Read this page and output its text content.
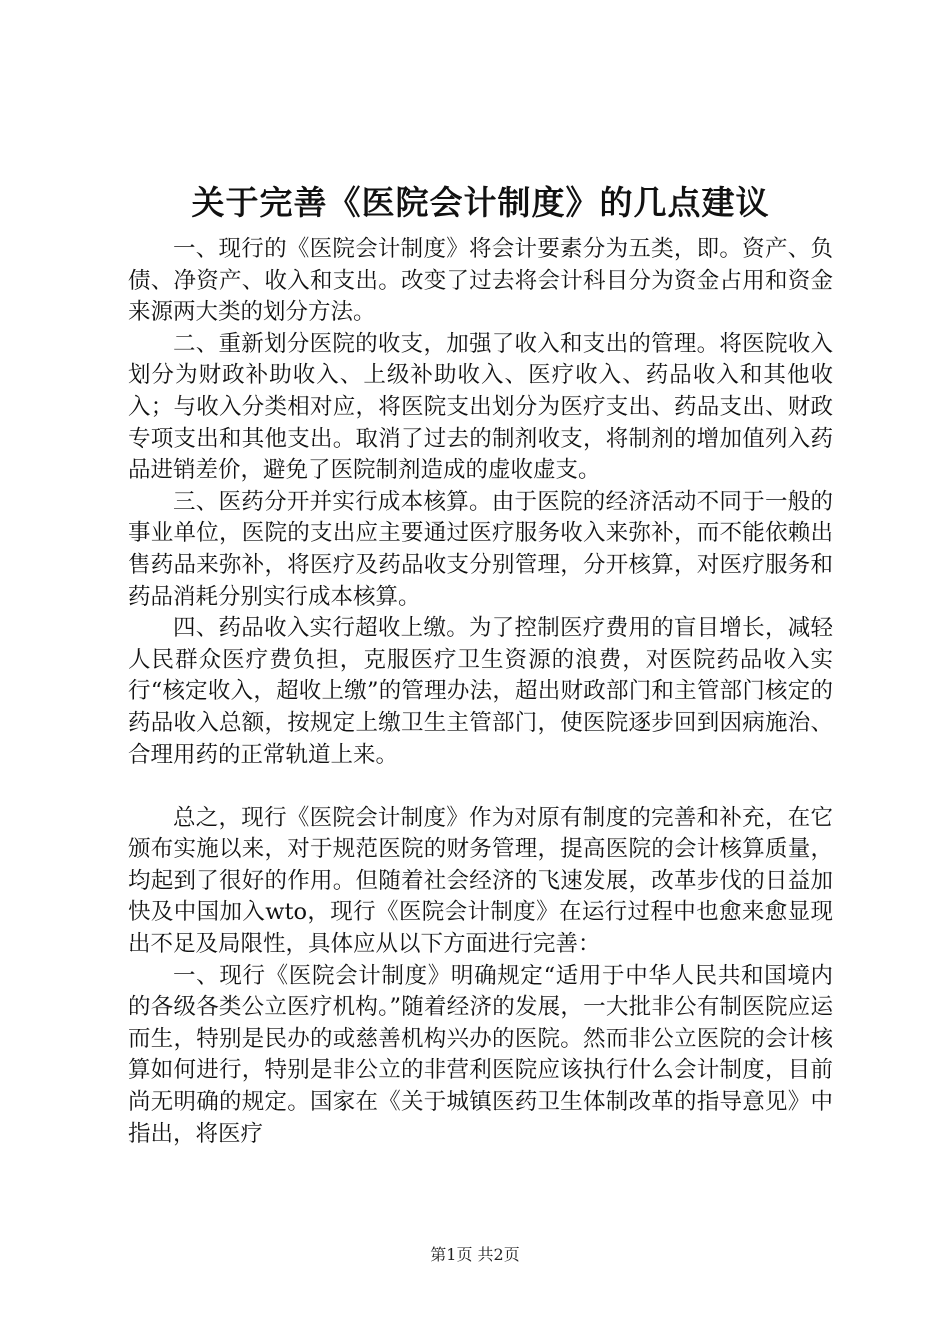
关于完善《医院会计制度》的几点建议

一、现行的《医院会计制度》将会计要素分为五类，即。资产、负债、净资产、收入和支出。改变了过去将会计科目分为资金占用和资金来源两大类的划分方法。

二、重新划分医院的收支，加强了收入和支出的管理。将医院收入划分为财政补助收入、上级补助收入、医疗收入、药品收入和其他收入；与收入分类相对应，将医院支出划分为医疗支出、药品支出、财政专项支出和其他支出。取消了过去的制剂收支，将制剂的增加值列入药品进销差价，避免了医院制剂造成的虚收虚支。

三、医药分开并实行成本核算。由于医院的经济活动不同于一般的事业单位，医院的支出应主要通过医疗服务收入来弥补，而不能依赖出售药品来弥补，将医疗及药品收支分别管理，分开核算，对医疗服务和药品消耗分别实行成本核算。

四、药品收入实行超收上缴。为了控制医疗费用的盲目增长，减轻人民群众医疗费负担，克服医疗卫生资源的浪费，对医院药品收入实行“核定收入，超收上缴”的管理办法，超出财政部门和主管部门核定的药品收入总额，按规定上缴卫生主管部门，使医院逐步回到因病施治、合理用药的正常轨道上来。

总之，现行《医院会计制度》作为对原有制度的完善和补充，在它颁布实施以来，对于规范医院的财务管理，提高医院的会计核算质量，均起到了很好的作用。但随着社会经济的飞速发展，改革步伐的日益加快及中国加入wto，现行《医院会计制度》在运行过程中也愈来愈显现出不足及局限性，具体应从以下方面进行完善：

一、现行《医院会计制度》明确规定“适用于中华人民共和国境内的各级各类公立医疗机构。”随着经济的发展，一大批非公有制医院应运而生，特别是民办的或慈善机构兴办的医院。然而非公立医院的会计核算如何进行，特别是非公立的非营利医院应该执行什么会计制度，目前尚无明确的规定。国家在《关于城镇医药卫生体制改革的指导意见》中指出，将医疗

第1页 共2页
